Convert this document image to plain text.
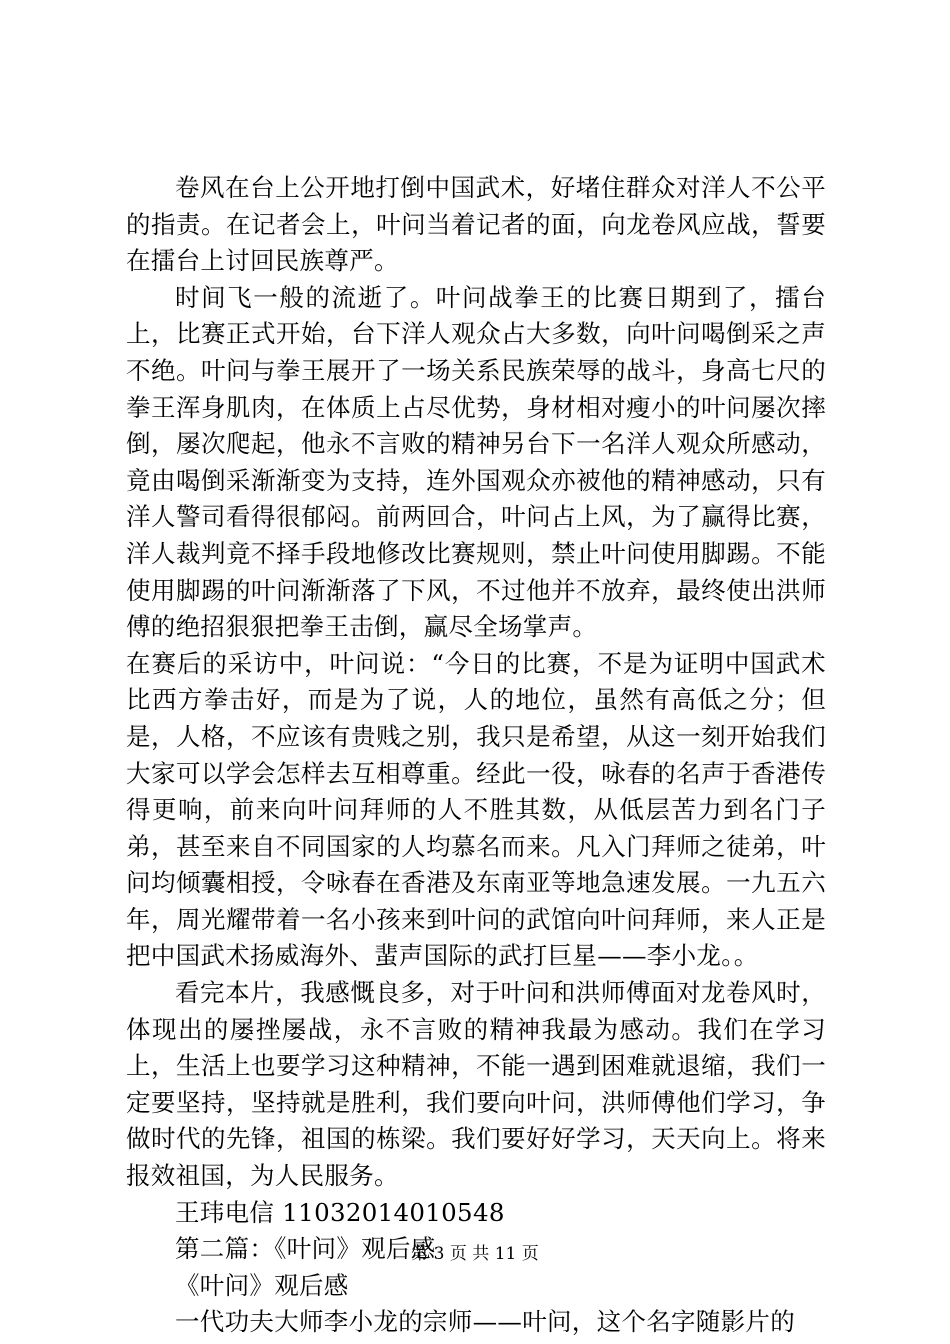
卷风在台上公开地打倒中国武术，好堵住群众对洋人不公平的指责。在记者会上，叶问当着记者的面，向龙卷风应战，誓要在擂台上讨回民族尊严。

时间飞一般的流逝了。叶问战拳王的比赛日期到了，擂台上，比赛正式开始，台下洋人观众占大多数，向叶问喝倒采之声不绝。叶问与拳王展开了一场关系民族荣辱的战斗，身高七尺的拳王浑身肌肉，在体质上占尽优势，身材相对瘦小的叶问屡次摔倒，屡次爬起，他永不言败的精神另台下一名洋人观众所感动，竟由喝倒采渐渐变为支持，连外国观众亦被他的精神感动，只有洋人警司看得很郁闷。前两回合，叶问占上风，为了赢得比赛，洋人裁判竟不择手段地修改比赛规则，禁止叶问使用脚踢。不能使用脚踢的叶问渐渐落了下风，不过他并不放弃，最终使出洪师傅的绝招狠狠把拳王击倒，赢尽全场掌声。

在赛后的采访中，叶问说：“今日的比赛，不是为证明中国武术比西方拳击好，而是为了说，人的地位，虽然有高低之分；但是，人格，不应该有贵贱之别，我只是希望，从这一刻开始我们大家可以学会怎样去互相尊重。经此一役，咏春的名声于香港传得更响，前来向叶问拜师的人不胜其数，从低层苦力到名门子弟，甚至来自不同国家的人均慕名而来。凡入门拜师之徒弟，叶问均倾囊相授，令咏春在香港及东南亚等地急速发展。一九五六年，周光耀带着一名小孩来到叶问的武馆向叶问拜师，来人正是把中国武术扬威海外、蜚声国际的武打巨星——李小龙。。

看完本片，我感慨良多，对于叶问和洪师傅面对龙卷风时，体现出的屡挫屡战，永不言败的精神我最为感动。我们在学习上，生活上也要学习这种精神，不能一遇到困难就退缩，我们一定要坚持，坚持就是胜利，我们要向叶问，洪师傅他们学习，争做时代的先锋，祖国的栋梁。我们要好好学习，天天向上。将来报效祖国，为人民服务。

王玮电信 11032014010548

第二篇：《叶问》观后感

《叶问》观后感

一代功夫大师李小龙的宗师——叶问，这个名字随影片的

第 3 页 共 11 页
